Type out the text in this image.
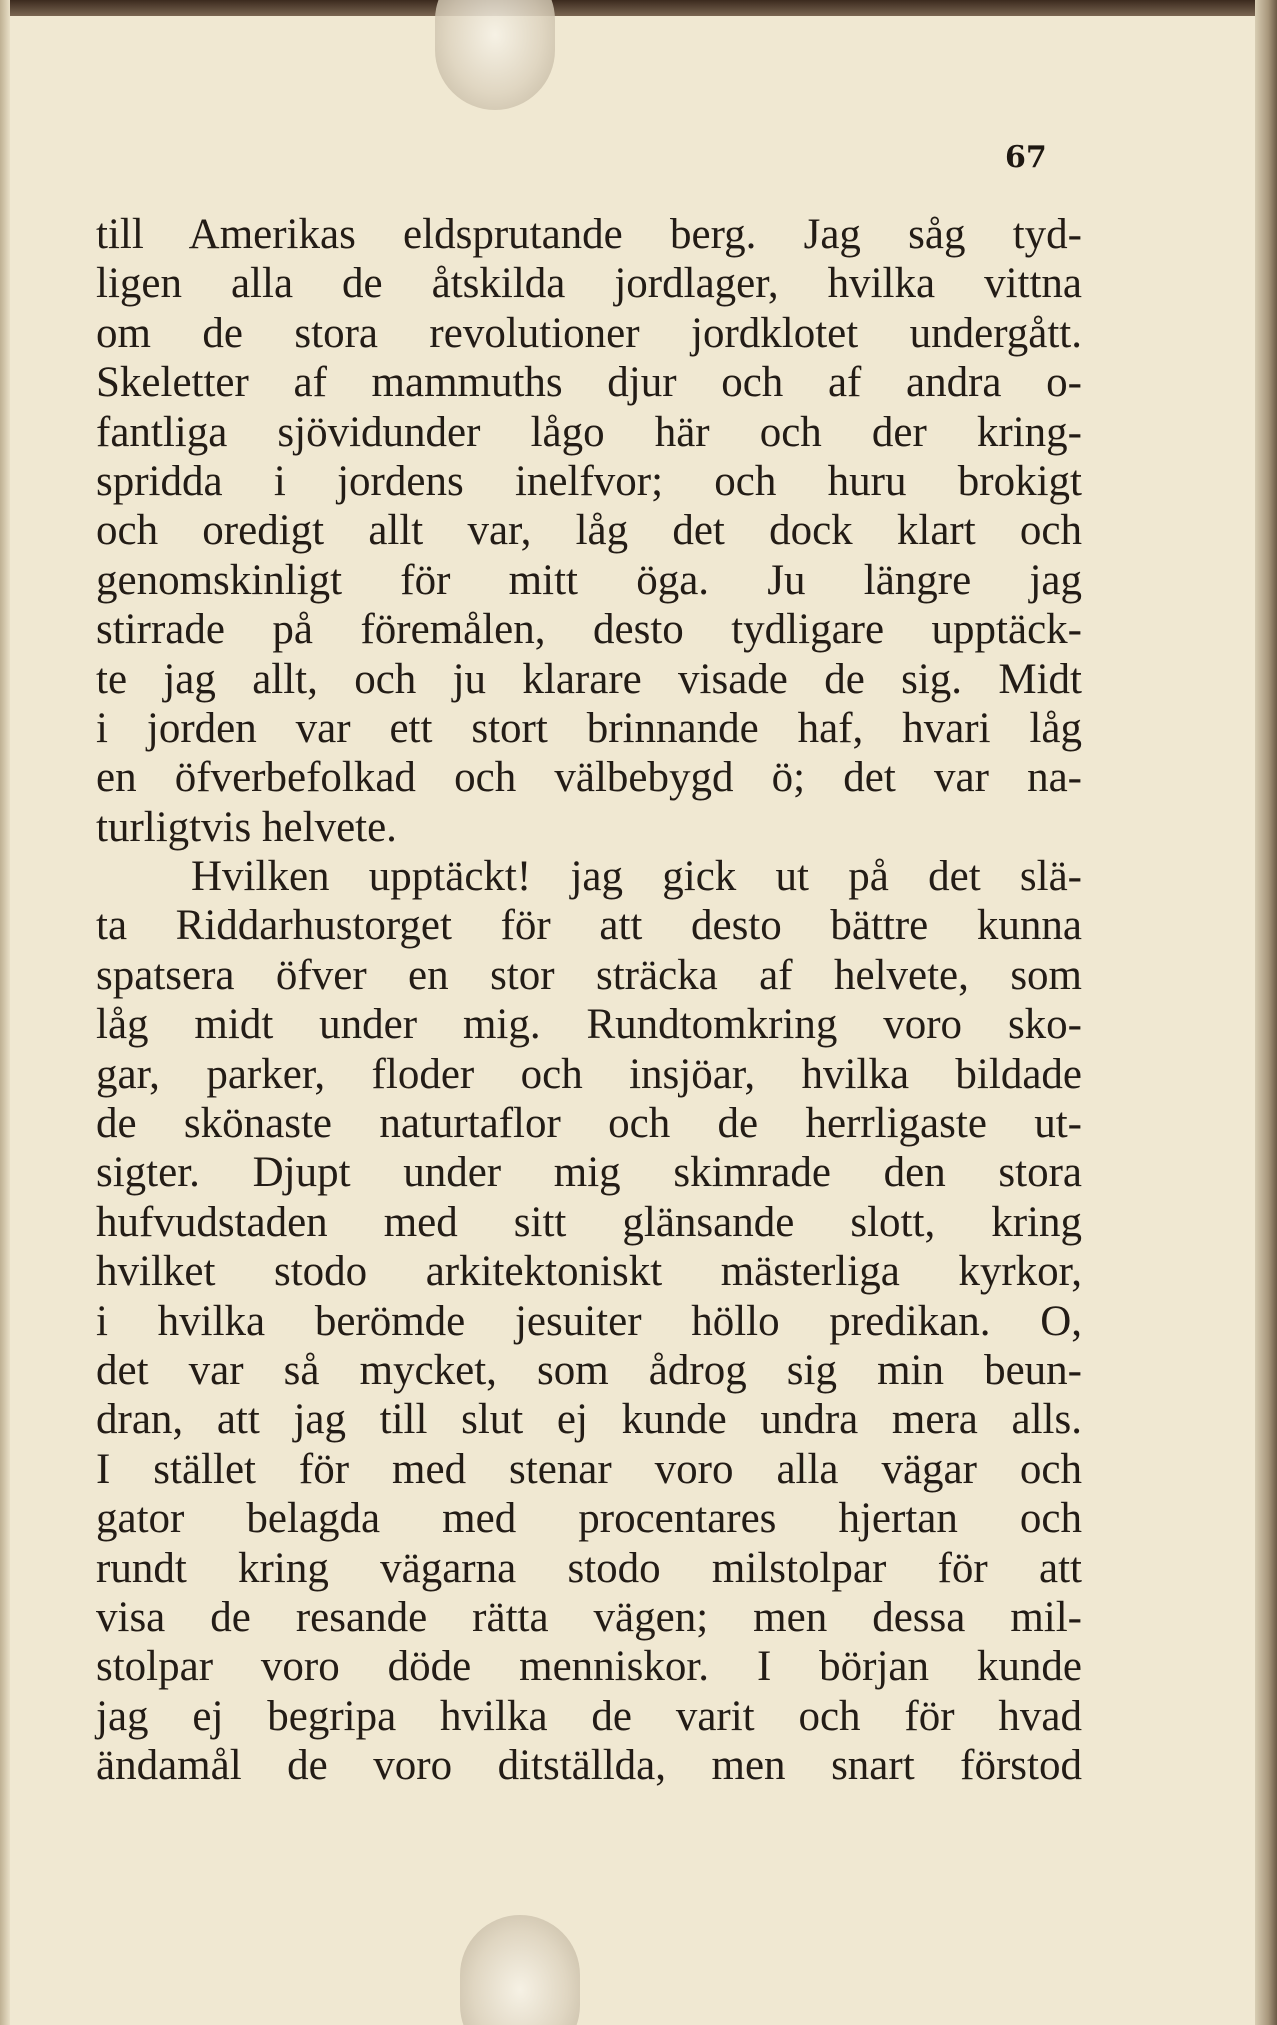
67

till Amerikas eldsprutande berg. Jag såg tyd-

ligen alla de åtskilda jordlager, hvilka vittna

om de stora revolutioner jordklotet undergått.

Skeletter af mammuths djur och af andra o-

fantliga sjövidunder lågo här och der kring-

spridda i jordens inelfvor; och huru brokigt

och oredigt allt var, låg det dock klart och

genomskinligt för mitt öga. Ju längre jag

stirrade på föremålen, desto tydligare upptäck-

te jag allt, och ju klarare visade de sig. Midt

i jorden var ett stort brinnande haf, hvari låg

en öfverbefolkad och välbebygd ö; det var na-

turligtvis helvete.

Hvilken upptäckt! jag gick ut på det slä-

ta Riddarhustorget för att desto bättre kunna

spatsera öfver en stor sträcka af helvete, som

låg midt under mig. Rundtomkring voro sko-

gar, parker, floder och insjöar, hvilka bildade

de skönaste naturtaflor och de herrligaste ut-

sigter. Djupt under mig skimrade den stora

hufvudstaden med sitt glänsande slott, kring

hvilket stodo arkitektoniskt mästerliga kyrkor,

i hvilka berömde jesuiter höllo predikan. O,

det var så mycket, som ådrog sig min beun-

dran, att jag till slut ej kunde undra mera alls.

I stället för med stenar voro alla vägar och

gator belagda med procentares hjertan och

rundt kring vägarna stodo milstolpar för att

visa de resande rätta vägen; men dessa mil-

stolpar voro döde menniskor. I början kunde

jag ej begripa hvilka de varit och för hvad

ändamål de voro ditställda, men snart förstod
